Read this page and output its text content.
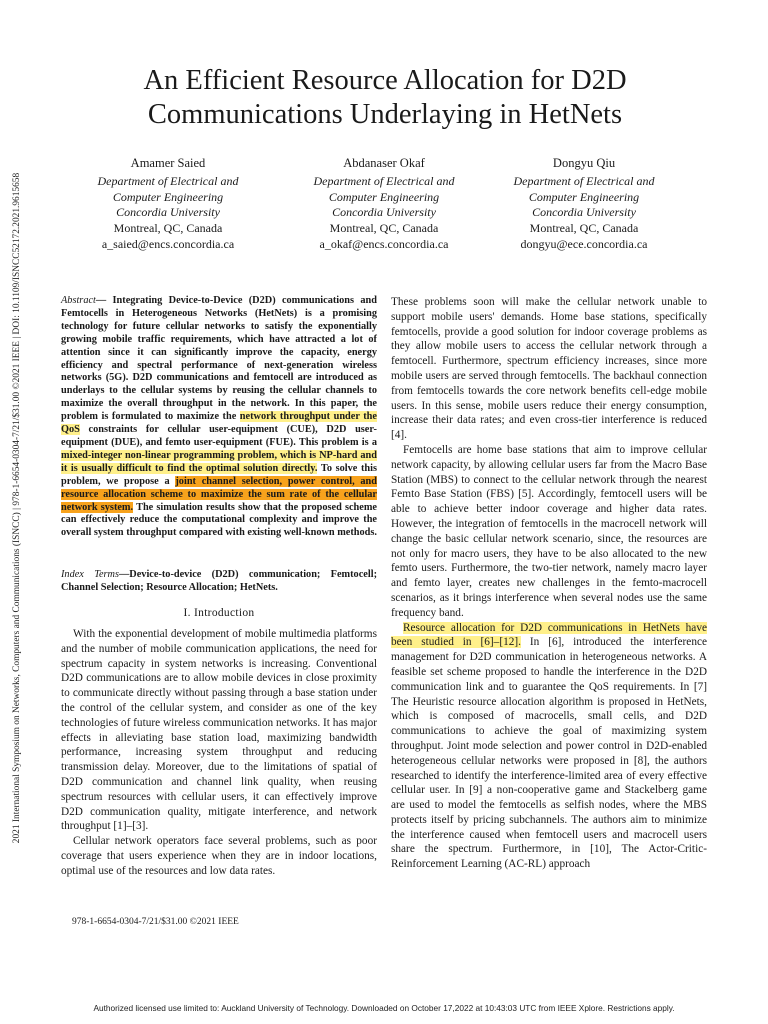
2021 International Symposium on Networks, Computers and Communications (ISNCC) | 978-1-6654-0304-7/21/$31.00 ©2021 IEEE | DOI: 10.1109/ISNCC52172.2021.9615658
An Efficient Resource Allocation for D2D
Communications Underlaying in HetNets
Amamer Saied
Department of Electrical and
Computer Engineering
Concordia University
Montreal, QC, Canada
a_saied@encs.concordia.ca
Abdanaser Okaf
Department of Electrical and
Computer Engineering
Concordia University
Montreal, QC, Canada
a_okaf@encs.concordia.ca
Dongyu Qiu
Department of Electrical and
Computer Engineering
Concordia University
Montreal, QC, Canada
dongyu@ece.concordia.ca

Abstract— Integrating Device-to-Device (D2D) communications and Femtocells in Heterogeneous Networks (HetNets) is a promising technology for future cellular networks to satisfy the exponentially growing mobile traffic requirements, which have attracted a lot of attention since it can significantly improve the capacity, energy efficiency and spectral performance of next-generation wireless networks (5G). D2D communications and femtocell are introduced as underlays to the cellular systems by reusing the cellular channels to maximize the overall throughput in the network. In this paper, the problem is formulated to maximize the network throughput under the QoS constraints for cellular user-equipment (CUE), D2D user-equipment (DUE), and femto user-equipment (FUE). This problem is a mixed-integer non-linear programming problem, which is NP-hard and it is usually difficult to find the optimal solution directly. To solve this problem, we propose a joint channel selection, power control, and resource allocation scheme to maximize the sum rate of the cellular network system. The simulation results show that the proposed scheme can effectively reduce the computational complexity and improve the overall system throughput compared with existing well-known methods.

Index Terms—Device-to-device (D2D) communication; Femtocell; Channel Selection; Resource Allocation; HetNets.

I. Introduction

With the exponential development of mobile multimedia platforms and the number of mobile communication applications, the need for spectrum capacity in system networks is increasing. Conventional D2D communications are to allow mobile devices in close proximity to communicate directly without passing through a base station under the control of the cellular system, and consider as one of the key technologies of future wireless communication networks. It has major effects in alleviating base station load, maximizing bandwidth performance, increasing system throughput and reducing transmission delay. Moreover, due to the limitations of spatial of D2D communication and channel link quality, when reusing spectrum resources with cellular users, it can effectively improve D2D communication quality, mitigate interference, and network throughput [1]–[3].

Cellular network operators face several problems, such as poor coverage that users experience when they are in indoor locations, optimal use of the resources and low data rates.

978-1-6654-0304-7/21/$31.00 ©2021 IEEE

These problems soon will make the cellular network unable to support mobile users' demands. Home base stations, specifically femtocells, provide a good solution for indoor coverage problems as they allow mobile users to access the cellular network through a femtocell. Furthermore, spectrum efficiency increases, since more mobile users are served through femtocells. The backhaul connection from femtocells towards the core network benefits cell-edge mobile users. In this sense, mobile users reduce their energy consumption, increase their data rates; and even cross-tier interference is reduced [4].

Femtocells are home base stations that aim to improve cellular network capacity, by allowing cellular users far from the Macro Base Station (MBS) to connect to the cellular network through the nearest Femto Base Station (FBS) [5]. Accordingly, femtocell users will be able to achieve better indoor coverage and higher data rates. However, the integration of femtocells in the macrocell network will change the basic cellular network scenario, since, the resources are not only for macro users, they have to be also allocated to the new femto users. Furthermore, the two-tier network, namely macro layer and femto layer, creates new challenges in the femto-macrocell scenarios, as it brings interference when several nodes use the same frequency band.

Resource allocation for D2D communications in HetNets have been studied in [6]–[12]. In [6], introduced the interference management for D2D communication in heterogeneous networks. A feasible set scheme proposed to handle the interference in the D2D communication link and to guarantee the QoS requirements. In [7] The Heuristic resource allocation algorithm is proposed in HetNets, which is composed of macrocells, small cells, and D2D communications to achieve the goal of maximizing system throughput. Joint mode selection and power control in D2D-enabled heterogeneous cellular networks were proposed in [8], the authors researched to identify the interference-limited area of every effective cellular user. In [9] a non-cooperative game and Stackelberg game are used to model the femtocells as selfish nodes, where the MBS protects itself by pricing subchannels. The authors aim to minimize the interference caused when femtocell users and macrocell users share the spectrum. Furthermore, in [10], The Actor-Critic-Reinforcement Learning (AC-RL) approach

Authorized licensed use limited to: Auckland University of Technology. Downloaded on October 17,2022 at 10:43:03 UTC from IEEE Xplore. Restrictions apply.
